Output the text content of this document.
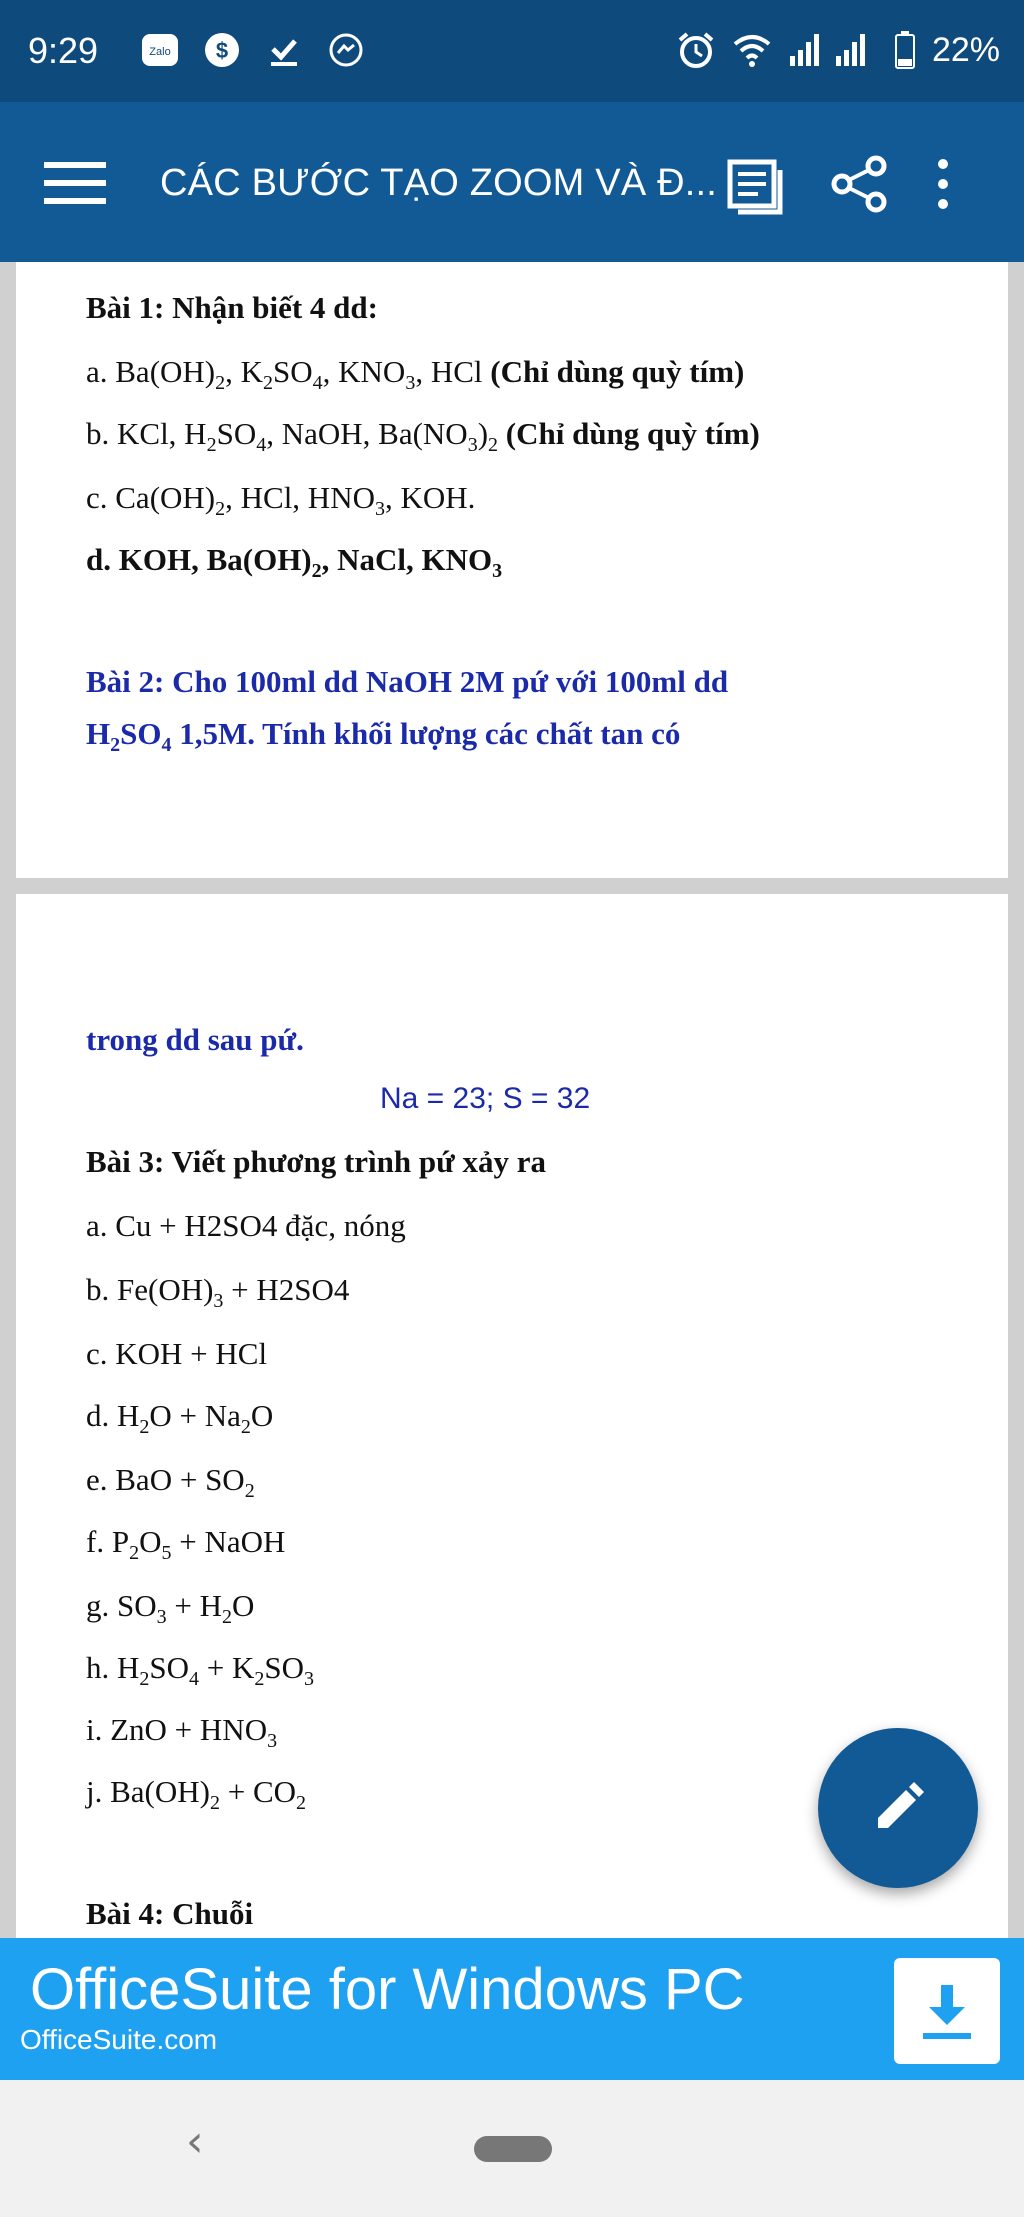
9:29	Zalo $	22%
CÁC BƯỚC TẠO ZOOM VÀ Đ...
Bài 1: Nhận biết 4 dd:
a. $Ba(OH)_2$, $K_2SO_4$, $KNO_3$, HCl (Chỉ dùng quỳ tím)
b. KCl, $H_2SO_4$, NaOH, $Ba(NO_3)_2$ (Chỉ dùng quỳ tím)
c. $Ca(OH)_2$, HCl, $HNO_3$, KOH.
d. KOH, $Ba(OH)_2$, NaCl, $KNO_3$
Bài 2: Cho 100ml dd NaOH 2M pứ với 100ml dd
$H_2SO_4$ 1,5M. Tính khối lượng các chất tan có
trong dd sau pứ.
Na = 23; S = 32
Bài 3: Viết phương trình pứ xảy ra
a. Cu + H2SO4 đặc, nóng
b. $Fe(OH)_3 + H2SO4$
c. KOH + HCl
d. $H_2O + Na_2O$
e. BaO + $SO_2$
f. $P_2O_5$ + NaOH
g. $SO_3 + H_2O$
h. $H_2SO_4 + K_2SO_3$
i. ZnO + $HNO_3$
j. $Ba(OH)_2 + CO_2$
Bài 4: Chuỗi
OfficeSuite for Windows PC
OfficeSuite.com
‹
